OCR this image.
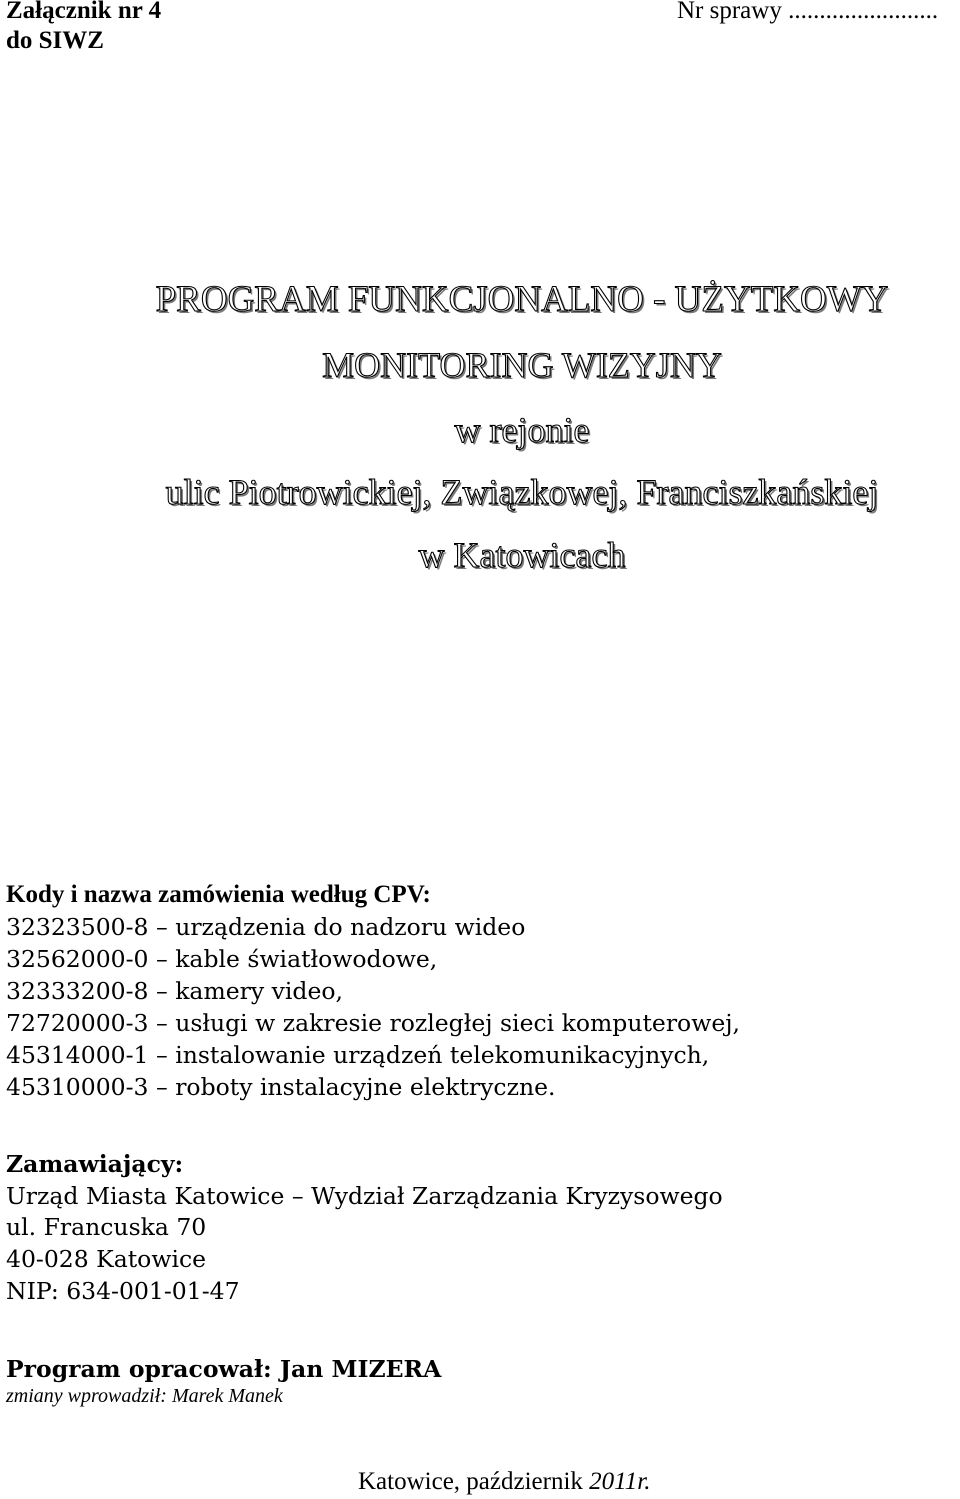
Załącznik nr 4
do SIWZ
Nr sprawy ........................
PROGRAM FUNKCJONALNO - UŻYTKOWY
MONITORING WIZYJNY
w rejonie
ulic Piotrowickiej, Związkowej, Franciszkańskiej
w Katowicach
Kody i nazwa zamówienia według CPV:
32323500-8 – urządzenia do nadzoru wideo
32562000-0 – kable światłowodowe,
32333200-8 – kamery video,
72720000-3 – usługi w zakresie rozległej sieci komputerowej,
45314000-1 – instalowanie urządzeń telekomunikacyjnych,
45310000-3 – roboty instalacyjne elektryczne.
Zamawiający:
Urząd Miasta Katowice – Wydział Zarządzania Kryzysowego
ul. Francuska 70
40-028 Katowice
NIP: 634-001-01-47
Program opracował: Jan MIZERA
zmiany wprowadził: Marek Manek
Katowice, październik 2011r.
